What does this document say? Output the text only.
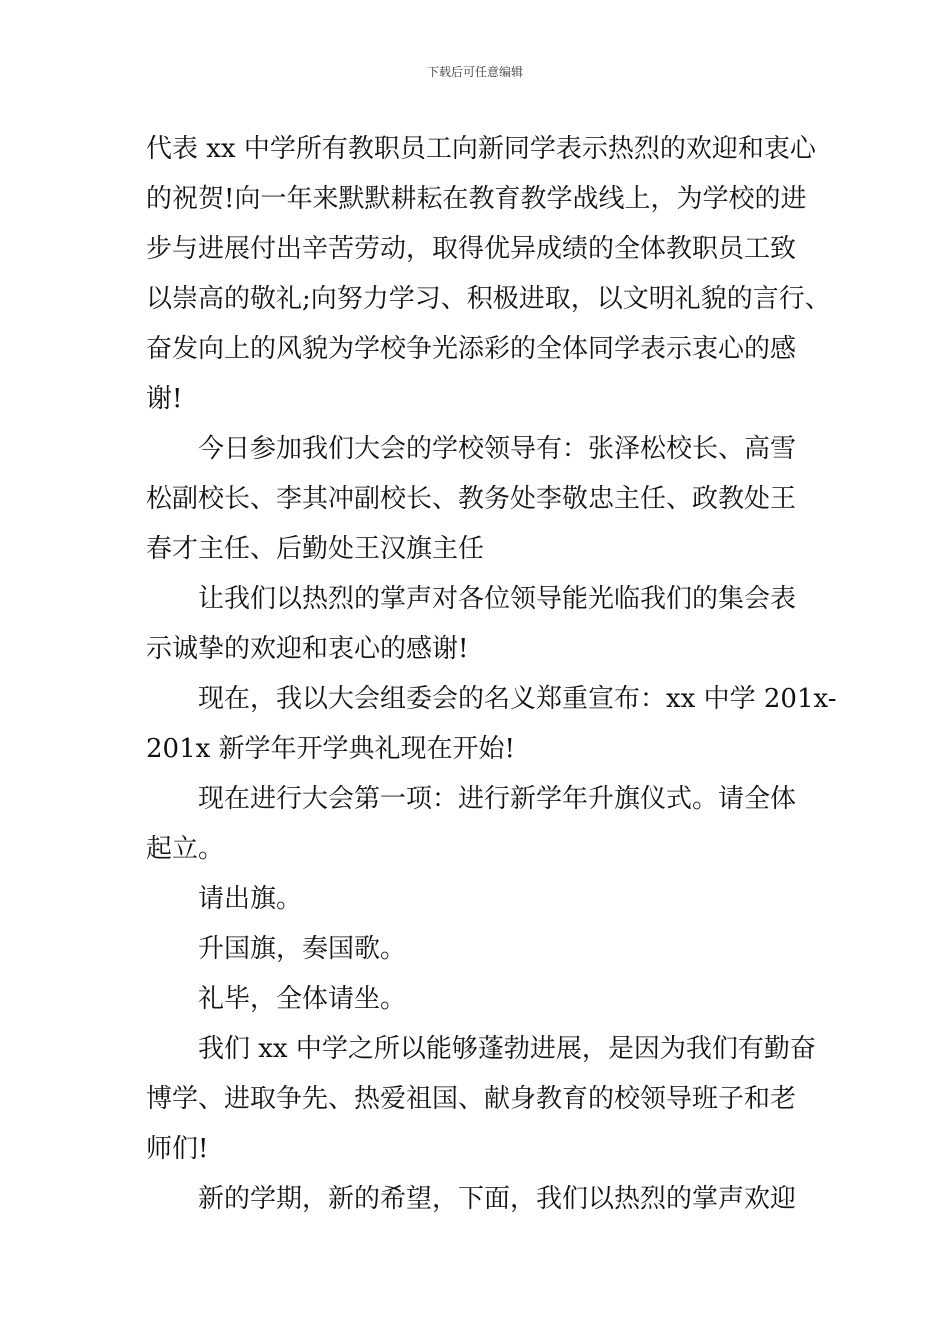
下载后可任意编辑

代表 xx 中学所有教职员工向新同学表示热烈的欢迎和衷心
的祝贺!向一年来默默耕耘在教育教学战线上，为学校的进
步与进展付出辛苦劳动，取得优异成绩的全体教职员工致
以崇高的敬礼;向努力学习、积极进取，以文明礼貌的言行、
奋发向上的风貌为学校争光添彩的全体同学表示衷心的感
谢!

今日参加我们大会的学校领导有：张泽松校长、高雪
松副校长、李其冲副校长、教务处李敬忠主任、政教处王
春才主任、后勤处王汉旗主任

让我们以热烈的掌声对各位领导能光临我们的集会表
示诚挚的欢迎和衷心的感谢!

现在，我以大会组委会的名义郑重宣布：xx 中学 201x-
201x 新学年开学典礼现在开始!

现在进行大会第一项：进行新学年升旗仪式。请全体
起立。

请出旗。

升国旗，奏国歌。

礼毕，全体请坐。

我们 xx 中学之所以能够蓬勃进展，是因为我们有勤奋
博学、进取争先、热爱祖国、献身教育的校领导班子和老
师们!

新的学期，新的希望，下面，我们以热烈的掌声欢迎
